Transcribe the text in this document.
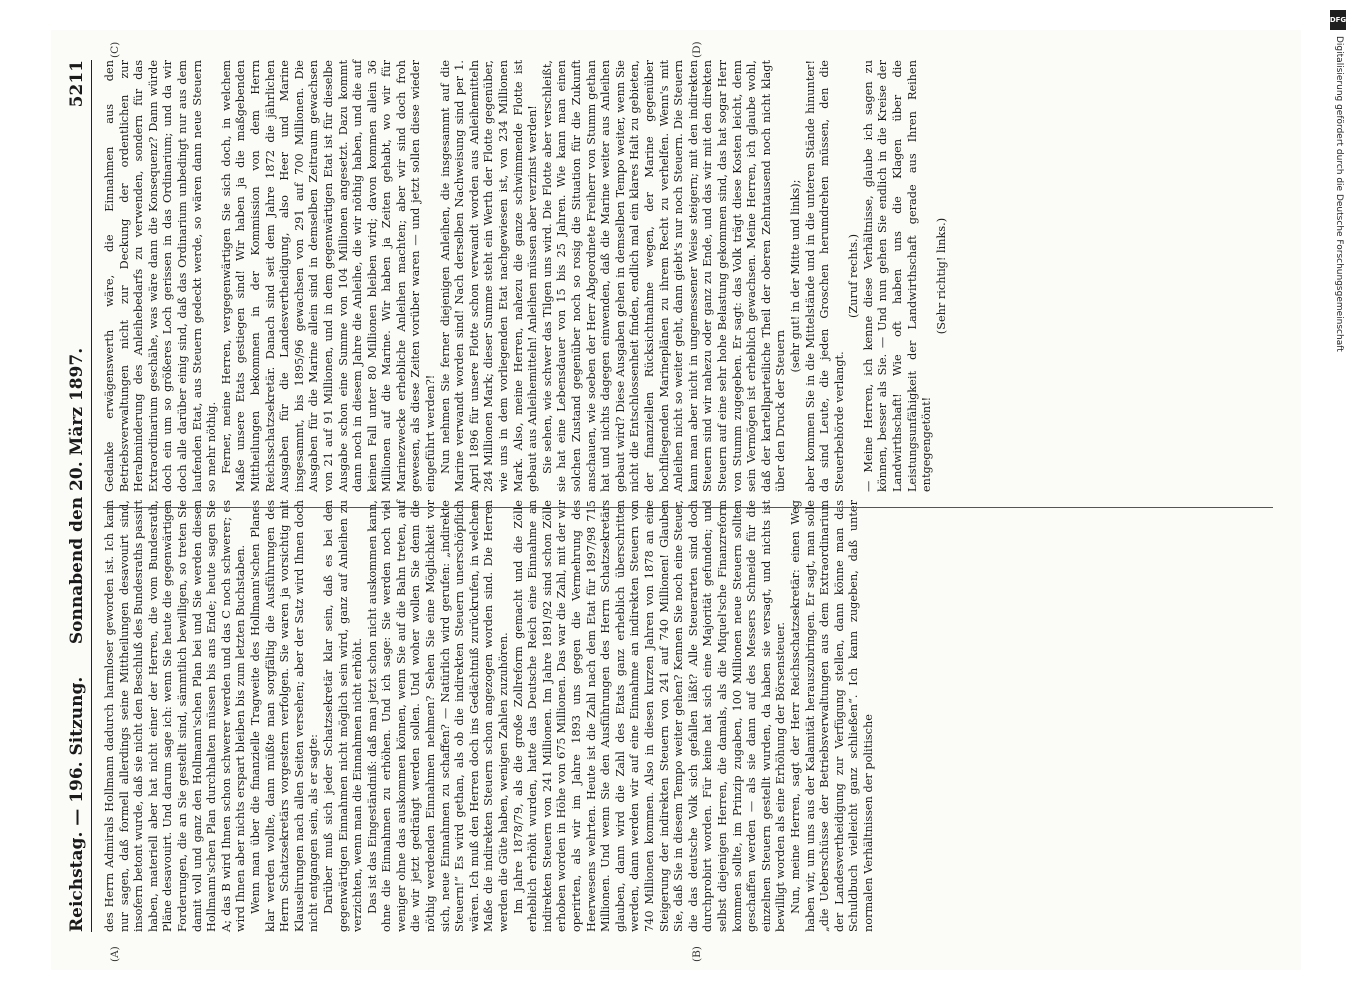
Reichstag. — 196. Sitzung.
Sonnabend den 20. März 1897.
5211
(A)	(B)
(C)	(D)

des Herrn Admirals Hollmann dadurch harmloser geworden ist. Ich kann nur sagen, daß formell allerdings seine Mittheilungen desavouirt sind, insofern betont wurde, daß sie nicht den Beschluß des Bundesraths passirt haben, materiell aber hat nicht einer der Herren, die vom Bundesrath, Pläne desavouirt. Und darum sage ich: wenn Sie heute die gegenwärtigen Forderungen, die an Sie gestellt sind, sämmtlich bewilligen, so treten Sie damit voll und ganz den Hollmann'schen Plan bei und Sie werden diesen Hollmann'schen Plan durchhalten müssen bis ans Ende; heute sagen Sie A; das B wird Ihnen schon schwerer werden und das C noch schwerer; es wird Ihnen aber nichts erspart bleiben bis zum letzten Buchstaben. Wenn man über die finanzielle Tragweite des Hollmann'schen Planes klar werden wollte, dann müßte man sorgfältig die Ausführungen des Herrn Schatzsekretärs vorgestern verfolgen. Sie waren ja vorsichtig mit Klauselirungen nach allen Seiten versehen; aber der Satz wird Ihnen doch nicht entgangen sein, als er sagte: Darüber muß sich jeder Schatzsekretär klar sein, daß es bei den gegenwärtigen Einnahmen nicht möglich sein wird, ganz auf Anleihen zu verzichten, wenn man die Einnahmen nicht erhöht. Das ist das Eingeständniß: daß man jetzt schon nicht auskommen kann, ohne die Einnahmen zu erhöhen. Und ich sage: Sie werden noch viel weniger ohne das auskommen können, wenn Sie auf die Bahn treten, auf die wir jetzt gedrängt werden sollen. Und woher wollen Sie denn die nöthig werdenden Einnahmen nehmen? Sehen Sie eine Möglichkeit vor sich, neue Einnahmen zu schaffen? — Natürlich wird gerufen: „indirekte Steuern!“ Es wird gethan, als ob die indirekten Steuern unerschöpflich wären. Ich muß den Herren doch ins Gedächtniß zurückrufen, in welchem Maße die indirekten Steuern schon angezogen worden sind. Die Herren werden die Güte haben, wenigen Zahlen zuzuhören. Im Jahre 1878/79, als die große Zollreform gemacht und die Zölle erheblich erhöht wurden, hatte das Deutsche Reich eine Einnahme an indirekten Steuern von 241 Millionen. Im Jahre 1891/92 sind schon Zölle erhoben worden in Höhe von 675 Millionen. Das war die Zahl, mit der wir operirten, als wir im Jahre 1893 uns gegen die Vermehrung des Heerwesens wehrten. Heute ist die Zahl nach dem Etat für 1897/98 715 Millionen. Und wenn Sie den Ausführungen des Herrn Schatzsekretärs glauben, dann wird die Zahl des Etats ganz erheblich überschritten werden, dann werden wir auf eine Einnahme an indirekten Steuern von 740 Millionen kommen. Also in diesen kurzen Jahren von 1878 an eine Steigerung der indirekten Steuern von 241 auf 740 Millionen! Glauben Sie, daß Sie in diesem Tempo weiter gehen? Kennen Sie noch eine Steuer, die das deutsche Volk sich gefallen läßt? Alle Steuerarten sind doch durchprobirt worden. Für keine hat sich eine Majorität gefunden; und selbst diejenigen Herren, die damals, als die Miquel'sche Finanzreform kommen sollte, im Prinzip zugaben, 100 Millionen neue Steuern sollten geschaffen werden — als sie dann auf des Messers Schneide für die einzelnen Steuern gestellt wurden, da haben sie versagt, und nichts ist bewilligt worden als eine Erhöhung der Börsensteuer. Nun, meine Herren, sagt der Herr Reichsschatzsekretär: einen Weg haben wir, um uns aus der Kalamität herauszubringen. Er sagt, man solle „die Ueberschüsse der Betriebsverwaltungen aus dem Extraordinarium der Landesvertheidigung zur Verfügung stellen, dann könne man das Schuldbuch vielleicht ganz schließen“. Ich kann zugeben, daß unter normalen Verhältnissen der politische

Gedanke erwägenswerth wäre, die Einnahmen aus den Betriebsverwaltungen nicht zur Deckung der ordentlichen zur Herabminderung des Anleihebedarfs zu verwenden, sondern für das Extraordinarium geschähe, was wäre dann die Konsequenz? Dann würde doch ein um so größeres Loch gerissen in das Ordinarium; und da wir doch alle darüber einig sind, daß das Ordinarium unbedingt nur aus dem laufenden Etat, aus Steuern gedeckt werde, so wären dann neue Steuern so mehr nöthig. Ferner, meine Herren, vergegenwärtigen Sie sich doch, in welchem Maße unsere Etats gestiegen sind! Wir haben ja die maßgebenden Mittheilungen bekommen in der Kommission von dem Herrn Reichsschatzsekretär. Danach sind seit dem Jahre 1872 die jährlichen Ausgaben für die Landesvertheidigung, also Heer und Marine insgesammt, bis 1895/96 gewachsen von 291 auf 700 Millionen. Die Ausgaben für die Marine allein sind in demselben Zeitraum gewachsen von 21 auf 91 Millionen, und in dem gegenwärtigen Etat ist für dieselbe Ausgabe schon eine Summe von 104 Millionen angesetzt. Dazu kommt dann noch in diesem Jahre die Anleihe, die wir nöthig haben, und die auf keinen Fall unter 80 Millionen bleiben wird; davon kommen allein 36 Millionen auf die Marine. Wir haben ja Zeiten gehabt, wo wir für Marinezwecke erhebliche Anleihen machten; aber wir sind doch froh gewesen, als diese Zeiten vorüber waren — und jetzt sollen diese wieder eingeführt werden?! Nun nehmen Sie ferner diejenigen Anleihen, die insgesammt auf die Marine verwandt worden sind! Nach derselben Nachweisung sind per 1. April 1896 für unsere Flotte schon verwandt worden aus Anleihemitteln 284 Millionen Mark; dieser Summe steht ein Werth der Flotte gegenüber, wie uns in dem vorliegenden Etat nachgewiesen ist, von 234 Millionen Mark. Also, meine Herren, nahezu die ganze schwimmende Flotte ist gebaut aus Anleihemitteln! Anleihen müssen aber verzinst werden! Sie sehen, wie schwer das Tilgen uns wird. Die Flotte aber verschleißt, sie hat eine Lebensdauer von 15 bis 25 Jahren. Wie kann man einen solchen Zustand gegenüber noch so rosig die Situation für die Zukunft anschauen, wie soeben der Herr Abgeordnete Freiherr von Stumm gethan hat und nichts dagegen einwenden, daß die Marine weiter aus Anleihen gebaut wird? Diese Ausgaben gehen in demselben Tempo weiter, wenn Sie nicht die Entschlossenheit finden, endlich mal ein klares Halt zu gebieten, der finanziellen Rücksichtnahme wegen, der Marine gegenüber hochfliegenden Marineplänen zu ihrem Recht zu verhelfen. Wenn's mit Anleihen nicht so weiter geht, dann giebt's nur noch Steuern. Die Steuern kann man aber nicht in ungemessener Weise steigern; mit den indirekten Steuern sind wir nahezu oder ganz zu Ende, und das wir mit den direkten Steuern auf eine sehr hohe Belastung gekommen sind, das hat sogar Herr von Stumm zugegeben. Er sagt: das Volk trägt diese Kosten leicht, denn sein Vermögen ist erheblich gewachsen. Meine Herren, ich glaube wohl, daß der kartellparteiliche Theil der oberen Zehntausend noch nicht klagt über den Druck der Steuern

(sehr gut! in der Mitte und links); aber kommen Sie in die Mittelstände und in die unteren Stände hinunter! da sind Leute, die jeden Groschen herumdrehen müssen, den die Steuerbehörde verlangt.

(Zuruf rechts.) — Meine Herren, ich kenne diese Verhältnisse, glaube ich sagen zu können, besser als Sie. — Und nun gehen Sie endlich in die Kreise der Landwirthschaft! Wie oft haben uns die Klagen über die Leistungsunfähigkeit der Landwirthschaft gerade aus Ihren Reihen entgegengetönt!

(Sehr richtig! links.)

DFG
Digitalisierung gefördert durch die Deutsche Forschungsgemeinschaft
